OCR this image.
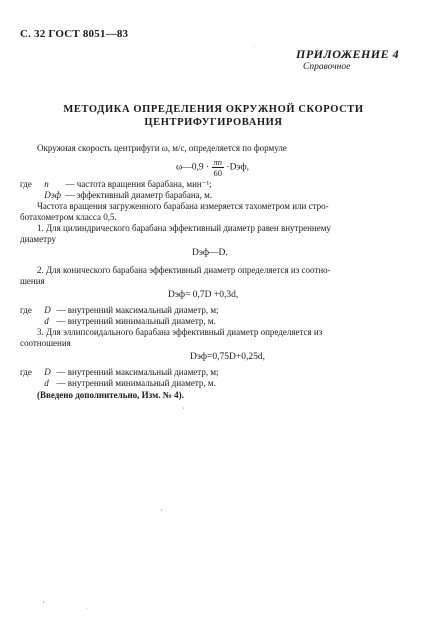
С. 32 ГОСТ 8051—83
ПРИЛОЖЕНИЕ 4
Справочное
МЕТОДИКА ОПРЕДЕЛЕНИЯ ОКРУЖНОЙ СКОРОСТИ
ЦЕНТРИФУГИРОВАНИЯ
Окружная скорость центрифуги ω, м/с, определяется по формуле
ω—0,9 · $\frac{\pi n}{60} \cdot Dэф$,
где n — частота вращения барабана, мин⁻¹;
Dэф — эффективный диаметр барабана, м.
Частота вращения загруженного барабана измеряется тахометром или стро-
ботахометром класса 0,5.
1. Для цилиндрического барабана эффективный диаметр равен внутреннему
диаметру
Dэф—D.
2. Для конического барабана эффективный диаметр определяется из соотно-
шения
Dэф= 0,7D +0,3d,
где D — внутренний максимальный диаметр, м;
d — внутренний минимальный диаметр, м.
3. Для эллипсоидального барабана эффективный диаметр определяется из
соотношения
Dэф=0,75D+0,25d,
где D — внутренний максимальный диаметр, м;
d — внутренний минимальный диаметр, м.
(Введено дополнительно, Изм. № 4).
·
,
,
,
·
